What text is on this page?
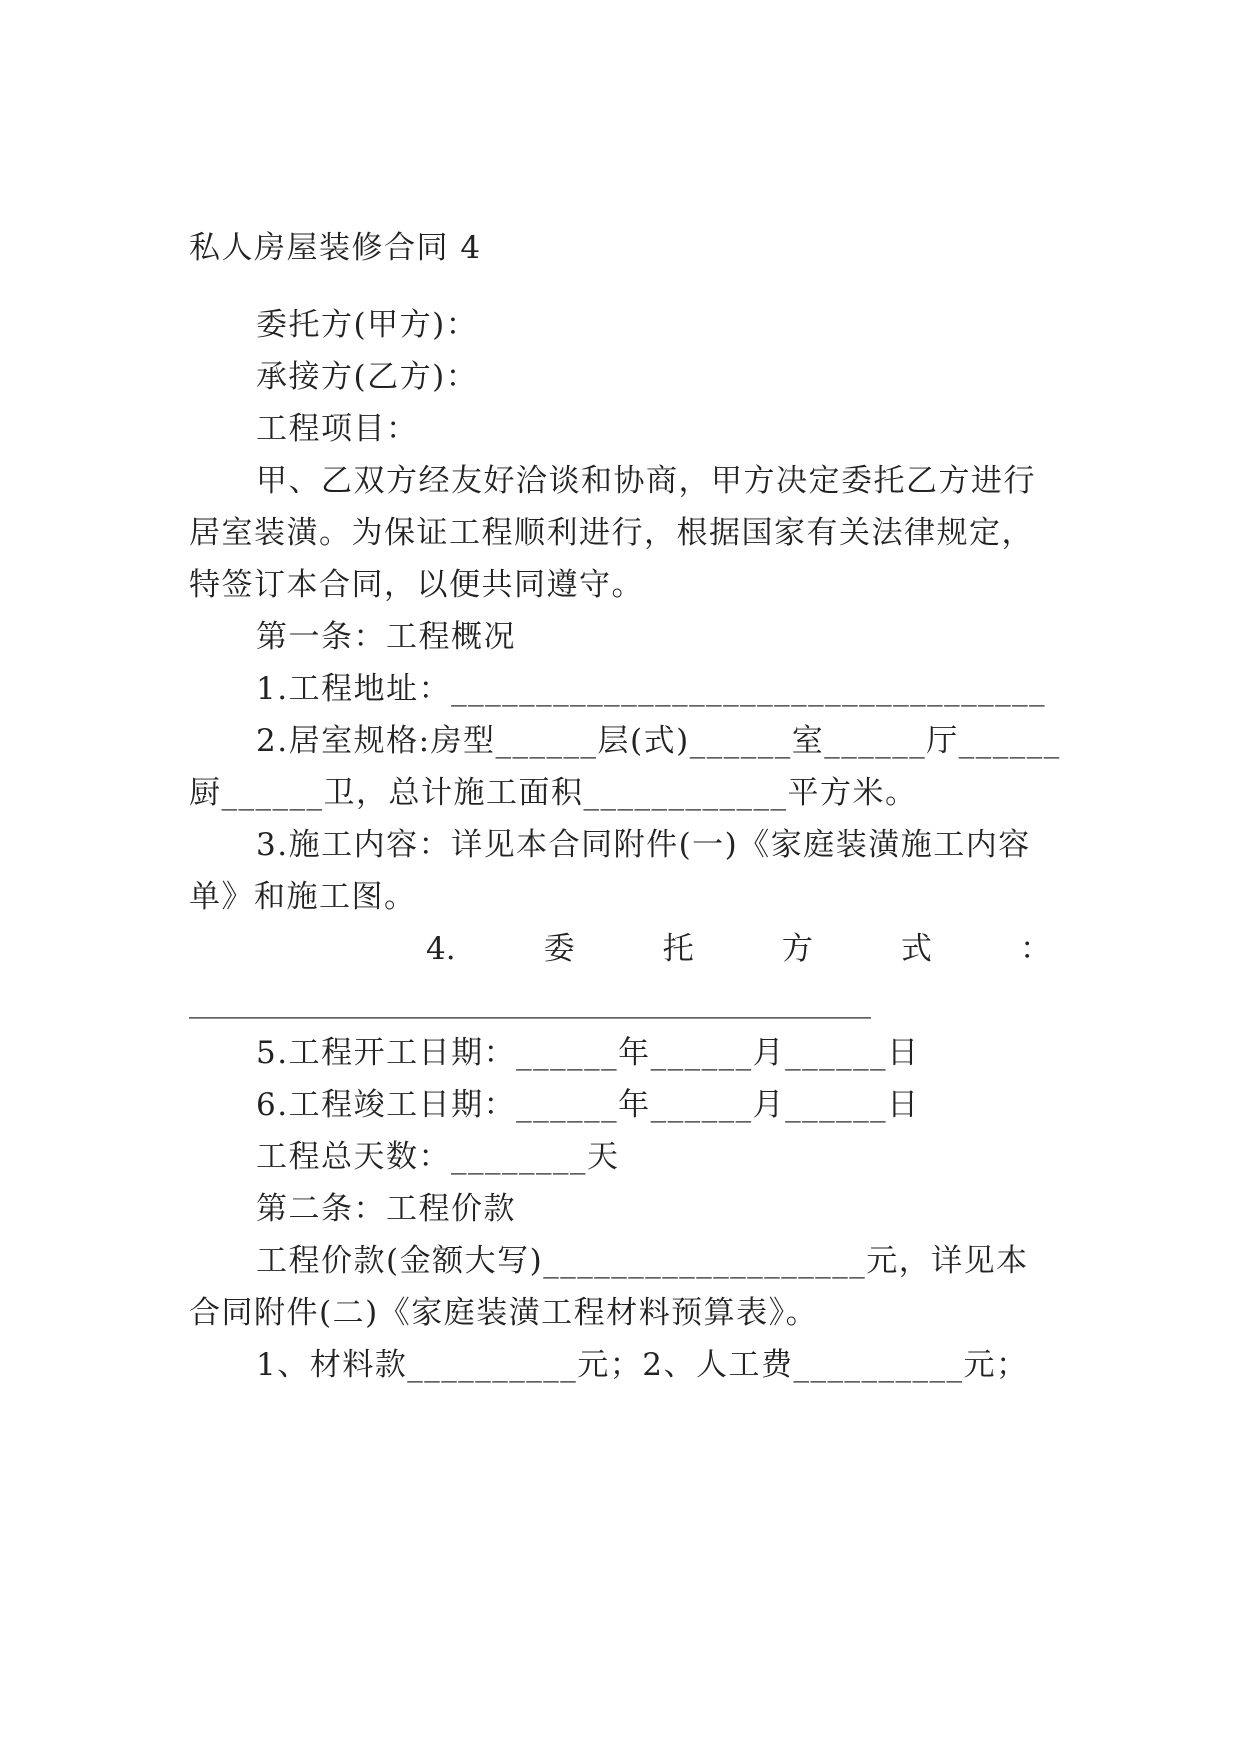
私人房屋装修合同 4
委托方(甲方)：
承接方(乙方)：
工程项目：
甲、乙双方经友好洽谈和协商，甲方决定委托乙方进行
居室装潢。为保证工程顺利进行，根据国家有关法律规定，
特签订本合同，以便共同遵守。
第一条：工程概况
1.工程地址：___________________________________
2.居室规格:房型______层(式)______室______厅______
厨______卫，总计施工面积____________平方米。
3.施工内容：详见本合同附件(一)《家庭装潢施工内容
单》和施工图。
4.	委	托	方	式	：
____________________________________________
5.工程开工日期：______年______月______日
6.工程竣工日期：______年______月______日
工程总天数：________天
第二条：工程价款
工程价款(金额大写)___________________元，详见本
合同附件(二)《家庭装潢工程材料预算表》。
1、材料款__________元；2、人工费__________元；
